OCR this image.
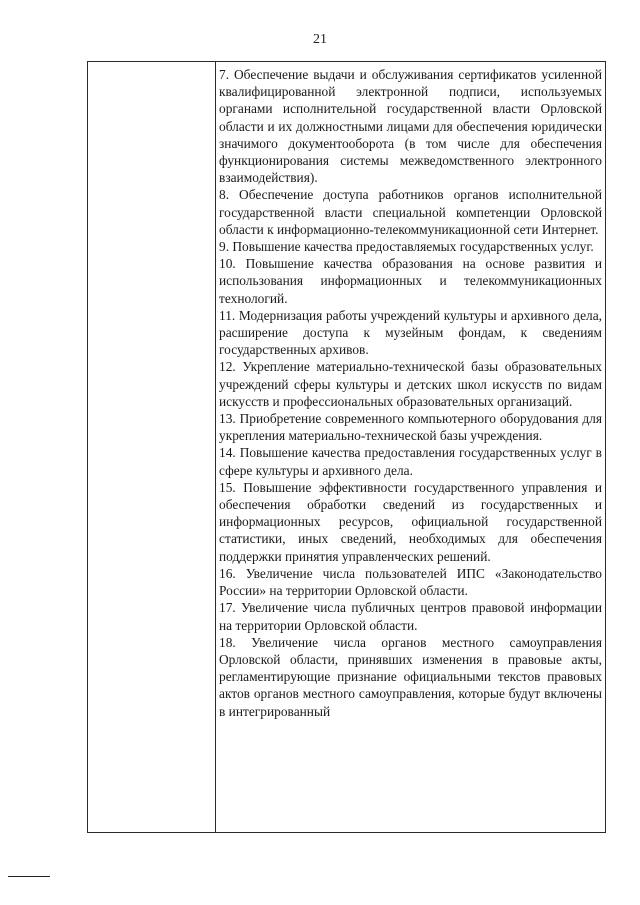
21

7. Обеспечение выдачи и обслуживания сертификатов усиленной квалифицированной электронной подписи, используемых органами исполнительной государственной власти Орловской области и их должностными лицами для обеспечения юридически значимого документооборота (в том числе для обеспечения функционирования системы межведомственного электронного взаимодействия).

8. Обеспечение доступа работников органов исполнительной государственной власти специальной компетенции Орловской области к информационно-телекоммуникационной сети Интернет.

9. Повышение качества предоставляемых государственных услуг.

10. Повышение качества образования на основе развития и использования информационных и телекоммуникационных технологий.

11. Модернизация работы учреждений культуры и архивного дела, расширение доступа к музейным фондам, к сведениям государственных архивов.

12. Укрепление материально-технической базы образовательных учреждений сферы культуры и детских школ искусств по видам искусств и профессиональных образовательных организаций.

13. Приобретение современного компьютерного оборудования для укрепления материально-технической базы учреждения.

14. Повышение качества предоставления государственных услуг в сфере культуры и архивного дела.

15. Повышение эффективности государственного управления и обеспечения обработки сведений из государственных и информационных ресурсов, официальной государственной статистики, иных сведений, необходимых для обеспечения поддержки принятия управленческих решений.

16. Увеличение числа пользователей ИПС «Законодательство России» на территории Орловской области.

17. Увеличение числа публичных центров правовой информации на территории Орловской области.

18. Увеличение числа органов местного самоуправления Орловской области, принявших изменения в правовые акты, регламентирующие признание официальными текстов правовых актов органов местного самоуправления, которые будут включены в интегрированный
